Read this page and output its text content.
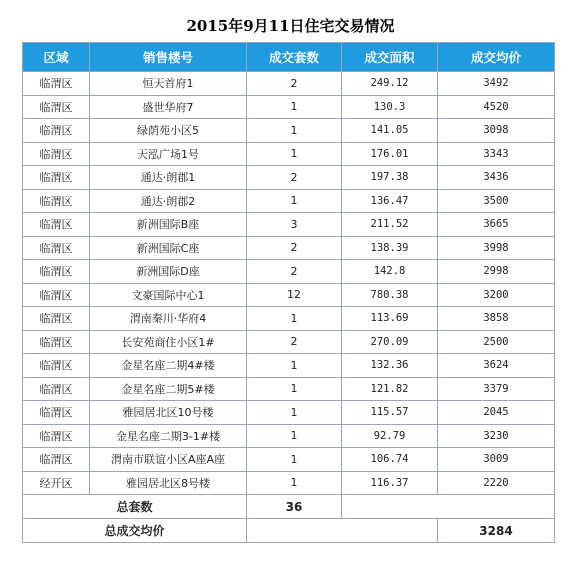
2015年9月11日住宅交易情况
区域	销售楼号	成交套数	成交面积	成交均价
临渭区	恒天首府1	2	249.12	3492
临渭区	盛世华府7	1	130.3	4520
临渭区	绿荫苑小区5	1	141.05	3098
临渭区	天泓广场1号	1	176.01	3343
临渭区	通达·朗郡1	2	197.38	3436
临渭区	通达·朗郡2	1	136.47	3500
临渭区	新洲国际B座	3	211.52	3665
临渭区	新洲国际C座	2	138.39	3998
临渭区	新洲国际D座	2	142.8	2998
临渭区	文豪国际中心1	12	780.38	3200
临渭区	渭南秦川·华府4	1	113.69	3858
临渭区	长安苑商住小区1#	2	270.09	2500
临渭区	金星名座二期4#楼	1	132.36	3624
临渭区	金星名座二期5#楼	1	121.82	3379
临渭区	雅园居北区10号楼	1	115.57	2045
临渭区	金星名座二期3-1#楼	1	92.79	3230
临渭区	渭南市联谊小区A座A座	1	106.74	3009
经开区	雅园居北区8号楼	1	116.37	2220
总套数		36		
总成交均价				3284
